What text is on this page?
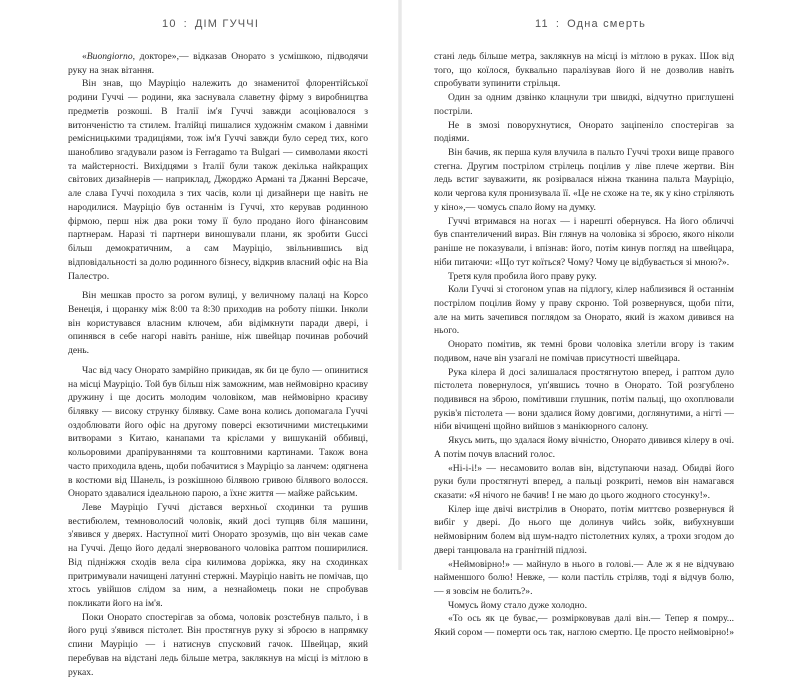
10 : ДІМ ГУЧЧІ

«Buongiorno, докторе»,— відказав Онорато з усмішкою, підводячи руку на знак вітання.

Він знав, що Мауріціо належить до знаменитої флорентійської родини Гуччі — родини, яка заснувала славетну фірму з виробництва предметів розкоші. В Італії ім'я Гуччі завжди асоціювалося з витонченістю та стилем. Італійці пишалися художнім смаком і давніми ремісницькими традиціями, тож ім'я Гуччі завжди було серед тих, кого шанобливо згадували разом із Ferragamo та Bulgari — символами якості та майстерності. Вихідцями з Італії були також декілька найкращих світових дизайнерів — наприклад, Джорджо Армані та Джанні Версаче, але слава Гуччі походила з тих часів, коли ці дизайнери ще навіть не народилися. Мауріціо був останнім із Гуччі, хто керував родинною фірмою, перш ніж два роки тому її було продано його фінансовим партнерам. Наразі ті партнери виношували плани, як зробити Gucci більш демократичним, а сам Мауріціо, звільнившись від відповідальності за долю родинного бізнесу, відкрив власний офіс на Віа Палестро.

Він мешкав просто за рогом вулиці, у величному палаці на Корсо Венеція, і щоранку між 8:00 та 8:30 приходив на роботу пішки. Інколи він користувався власним ключем, аби відімкнути паради двері, і опинявся в себе нагорі навіть раніше, ніж швейцар починав робочий день.

Час від часу Онорато замрійно прикидав, як би це було — опинитися на місці Мауріціо. Той був більш ніж заможним, мав неймовірно красиву дружину і ще досить молодим чоловіком, мав неймовірно красиву білявку — високу струнку білявку. Саме вона колись допомагала Гуччі оздоблювати його офіс на другому поверсі екзотичними мистецькими витворами з Китаю, канапами та кріслами у вишуканій оббивці, кольоровими драпіруваннями та коштовними картинами. Також вона часто приходила вдень, щоби побачитися з Мауріціо за ланчем: одягнена в костюми від Шанель, із розкішною білявою гривою білявого волосся. Онорато здавалися ідеальною парою, а їхнє життя — майже райським.

Леве Мауріціо Гуччі дістався верхньої сходинки та рушив вестибюлем, темноволосий чоловік, який досі тупцяв біля машини, з'явився у дверях. Наступної миті Онорато зрозумів, що він чекав саме на Гуччі. Дещо його дедалі знервованого чоловіка раптом поширилися. Від підніжжя сходів вела сіра килимова доріжка, яку на сходинках притримували начищені латунні стержні. Мауріціо навіть не помічав, що хтось увійшов слідом за ним, а незнайомець поки не спробував покликати його на ім'я.

Поки Онорато спостерігав за обома, чоловік розстебнув пальто, і в його руці з'явився пістолет. Він простягнув руку зі зброєю в напрямку спини Мауріціо — і натиснув спусковий гачок. Швейцар, який перебував на відстані ледь більше метра, заклякнув на місці із мітлою в руках.

11 : Одна смерть

стані ледь більше метра, заклякнув на місці із мітлою в руках. Шок від того, що коїлося, буквально паралізував його й не дозволив навіть спробувати зупинити стрільця.

Один за одним дзвінко клацнули три швидкі, відчутно приглушені постріли.

Не в змозі поворухнутися, Онорато заціпеніло спостерігав за подіями.

Він бачив, як перша куля влучила в пальто Гуччі трохи вище правого стегна. Другим пострілом стрілець поцілив у ліве плече жертви. Він ледь встиг зауважити, як розірвалася ніжна тканина пальта Мауріціо, коли чергова куля пронизувала її. «Це не схоже на те, як у кіно стріляють у кіно»,— чомусь спало йому на думку.

Гуччі втримався на ногах — і нарешті обернувся. На його обличчі був спантеличений вираз. Він глянув на чоловіка зі зброєю, якого ніколи раніше не показували, і впізнав: його, потім кинув погляд на швейцара, ніби питаючи: «Що тут коїться? Чому? Чому це відбувається зі мною?».

Третя куля пробила його праву руку.

Коли Гуччі зі стогоном упав на підлогу, кілер наблизився й останнім пострілом поцілив йому у праву скроню. Той розвернувся, щоби піти, але на мить зачепився поглядом за Онорато, який із жахом дивився на нього.

Онорато помітив, як темні брови чоловіка злетіли вгору із таким подивом, наче він узагалі не помічав присутності швейцара.

Рука кілера й досі залишалася простягнутою вперед, і раптом дуло пістолета повернулося, уп'явшись точно в Онорато. Той розгублено подивився на зброю, помітивши глушник, потім пальці, що охоплювали руків'я пістолета — вони здалися йому довгими, доглянутими, а нігті — ніби вічищені щойно вийшов з манікюрного салону.

Якусь мить, що здалася йому вічністю, Онорато дивився кілеру в очі. А потім почув власний голос.

«Ні-і-і!» — несамовито волав він, відступаючи назад. Обидві його руки були простягнуті вперед, а пальці розкриті, немов він намагався сказати: «Я нічого не бачив! І не маю до цього жодного стосунку!».

Кілер іще двічі вистрілив в Онорато, потім миттєво розвернувся й вибіг у двері. До нього ще долинув чийсь зойк, вибухнувши неймовірним болем від шум-надто пістолетних кулях, а трохи згодом до двері танцювала на гранітній підлозі.

«Неймовірно!» — майнуло в нього в голові.— Але ж я не відчуваю найменшого болю! Невже, — коли пастіль стріляв, тоді я відчув болю, — я зовсім не болить?».

Чомусь йому стало дуже холодно.

«То ось як це буває,— розмірковував далі він.— Тепер я помру... Який сором — померти ось так, наглою смертю. Це просто неймовірно!»
